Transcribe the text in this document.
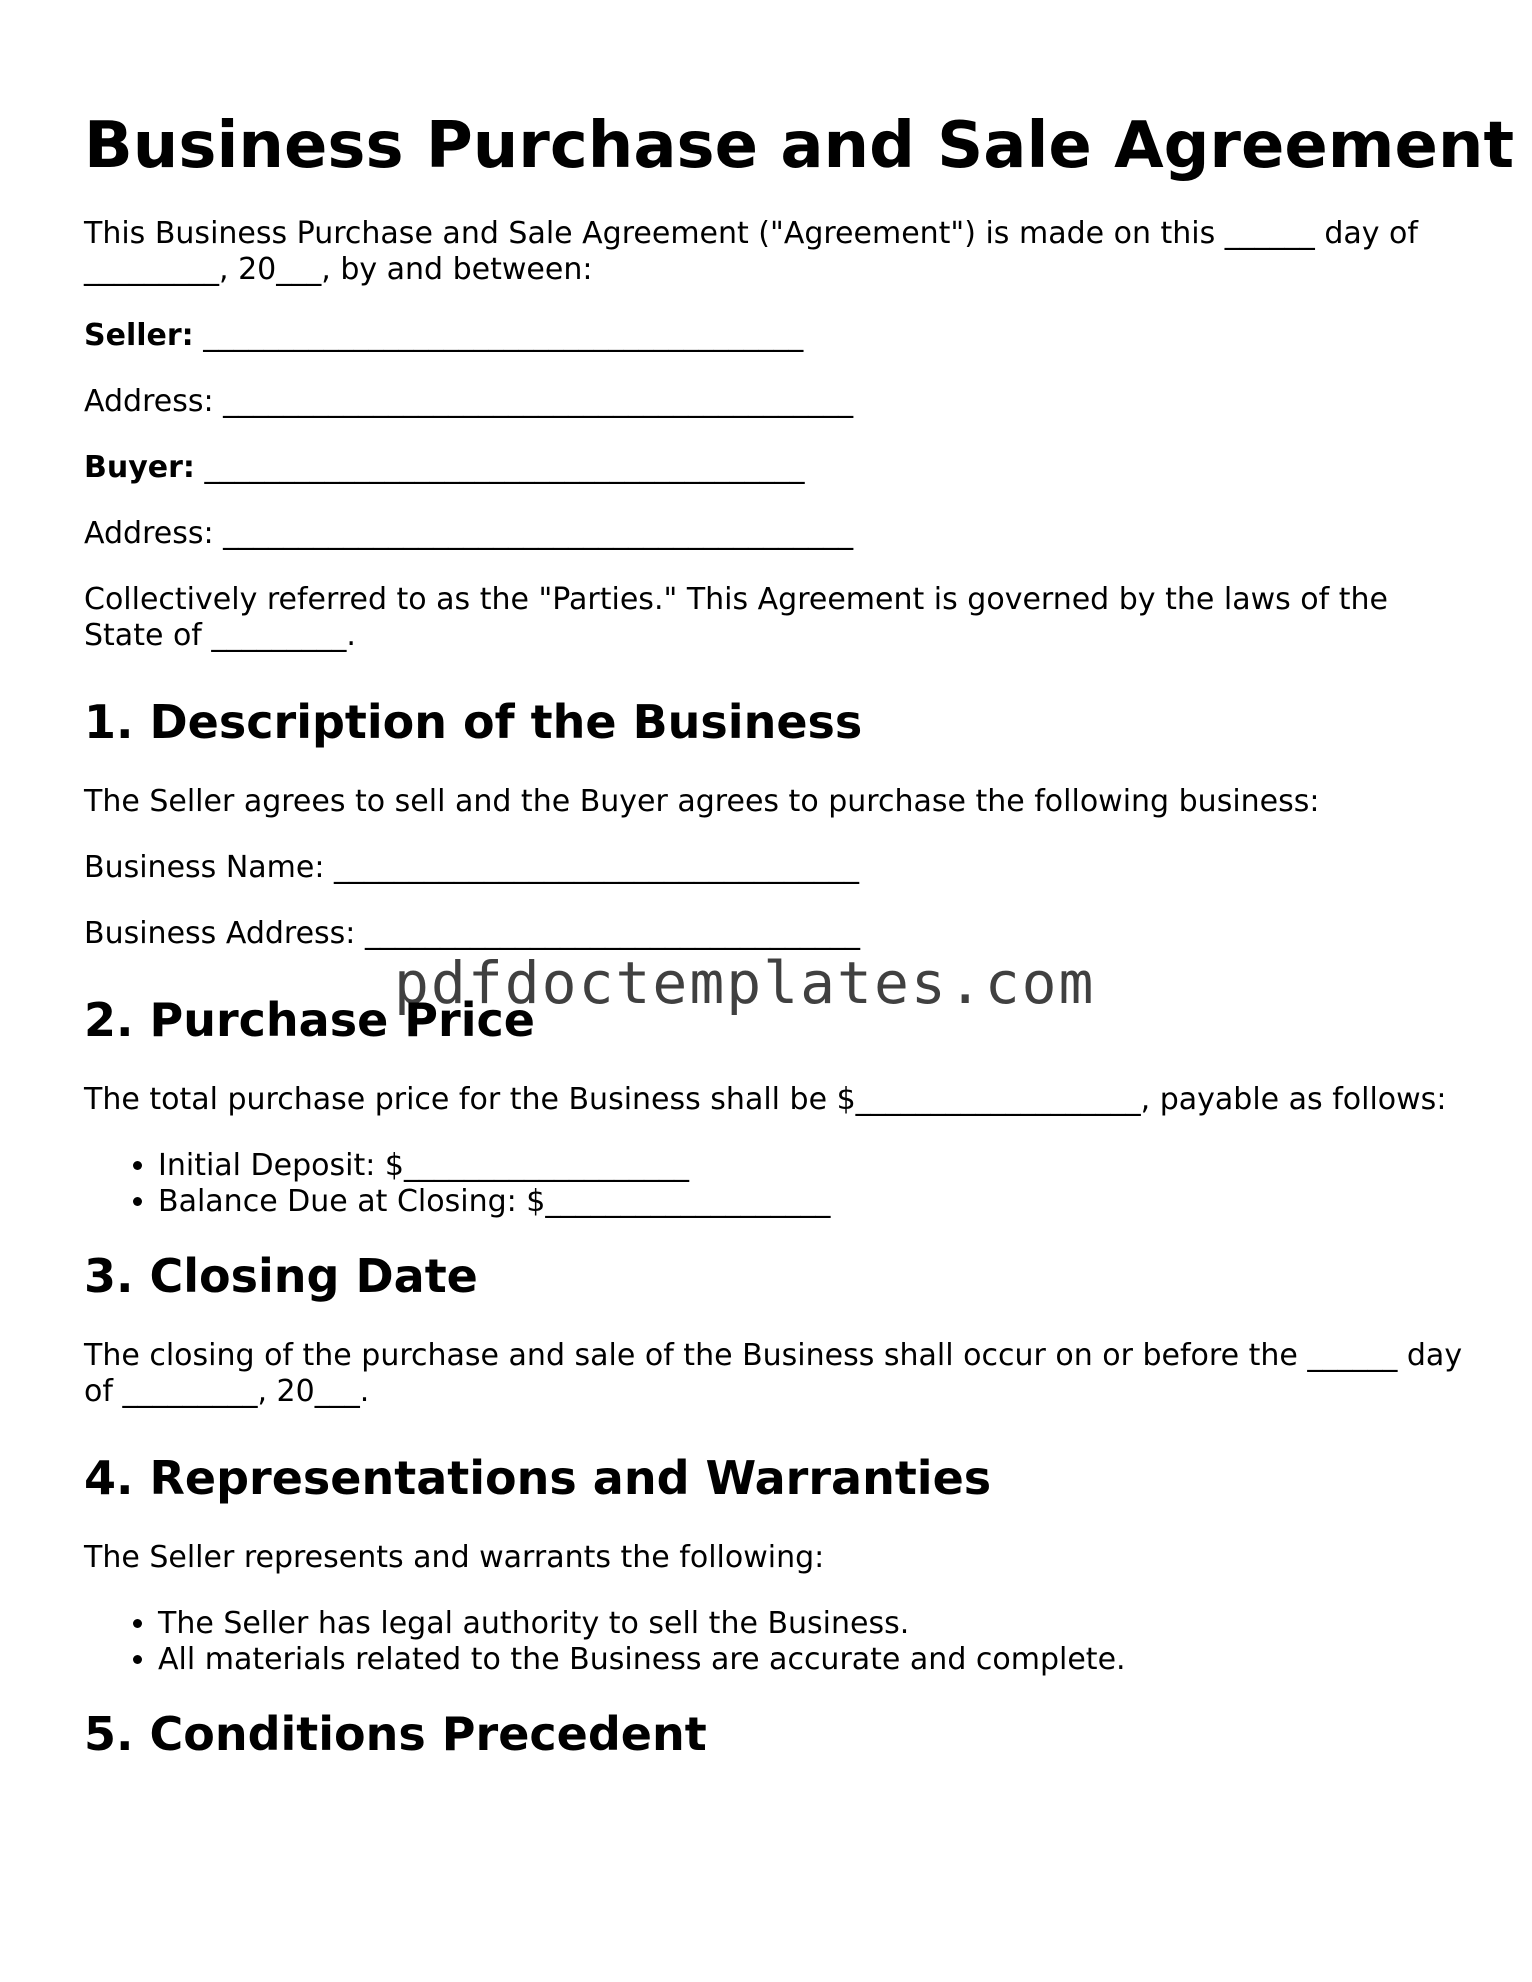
Business Purchase and Sale Agreement

This Business Purchase and Sale Agreement ("Agreement") is made on this ______ day of _________, 20___, by and between:

Seller: ________________________________________

Address: __________________________________________

Buyer: ________________________________________

Address: __________________________________________

Collectively referred to as the "Parties." This Agreement is governed by the laws of the State of _________.

1. Description of the Business

The Seller agrees to sell and the Buyer agrees to purchase the following business:

Business Name: ___________________________________

Business Address: _________________________________

2. Purchase Price

The total purchase price for the Business shall be $___________________, payable as follows:

• Initial Deposit: $___________________
• Balance Due at Closing: $___________________
3. Closing Date

The closing of the purchase and sale of the Business shall occur on or before the ______ day of _________, 20___.

4. Representations and Warranties

The Seller represents and warrants the following:

• The Seller has legal authority to sell the Business.
• All materials related to the Business are accurate and complete.
5. Conditions Precedent
pdfdoctemplates.com
